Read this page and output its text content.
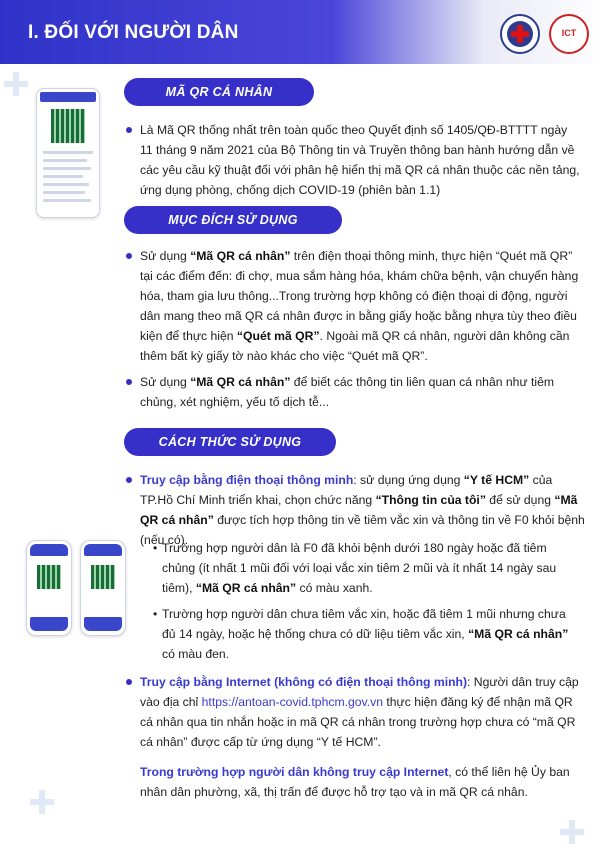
I. ĐỐI VỚI NGƯỜI DÂN	ICT
MÃ QR CÁ NHÂN
Là Mã QR thống nhất trên toàn quốc theo Quyết định số 1405/QĐ-BTTTT ngày 11 tháng 9 năm 2021 của Bộ Thông tin và Truyền thông ban hành hướng dẫn về các yêu cầu kỹ thuật đối với phân hệ hiển thị mã QR cá nhân thuộc các nền tảng, ứng dụng phòng, chống dịch COVID-19 (phiên bản 1.1)
MỤC ĐÍCH SỬ DỤNG
Sử dụng “Mã QR cá nhân” trên điện thoại thông minh, thực hiện “Quét mã QR” tại các điểm đến: đi chợ, mua sắm hàng hóa, khám chữa bệnh, vận chuyển hàng hóa, tham gia lưu thông...Trong trường hợp không có điện thoại di động, người dân mang theo mã QR cá nhân được in bằng giấy hoặc bằng nhựa tùy theo điều kiện để thực hiện “Quét mã QR”. Ngoài mã QR cá nhân, người dân không cần thêm bất kỳ giấy tờ nào khác cho việc “Quét mã QR”.
Sử dụng “Mã QR cá nhân” để biết các thông tin liên quan cá nhân như tiêm chủng, xét nghiệm, yếu tố dịch tễ...
CÁCH THỨC SỬ DỤNG
Truy cập bằng điện thoại thông minh: sử dụng ứng dụng “Y tế HCM” của TP.Hồ Chí Minh triển khai, chọn chức năng “Thông tin của tôi” để sử dụng “Mã QR cá nhân” được tích hợp thông tin về tiêm vắc xin và thông tin về F0 khỏi bệnh (nếu có).
• Trường hợp người dân là F0 đã khỏi bệnh dưới 180 ngày hoặc đã tiêm chủng (ít nhất 1 mũi đối với loại vắc xin tiêm 2 mũi và ít nhất 14 ngày sau tiêm), “Mã QR cá nhân” có màu xanh.
• Trường hợp người dân chưa tiêm vắc xin, hoặc đã tiêm 1 mũi nhưng chưa đủ 14 ngày, hoặc hệ thống chưa có dữ liệu tiêm vắc xin, “Mã QR cá nhân” có màu đen.
Truy cập bằng Internet (không có điện thoại thông minh): Người dân truy cập vào địa chỉ https://antoan-covid.tphcm.gov.vn thực hiện đăng ký để nhận mã QR cá nhân qua tin nhắn hoặc in mã QR cá nhân trong trường hợp chưa có “mã QR cá nhân” được cấp từ ứng dụng “Y tế HCM”.
Trong trường hợp người dân không truy cập Internet, có thể liên hệ Ủy ban nhân dân phường, xã, thị trấn để được hỗ trợ tạo và in mã QR cá nhân.
